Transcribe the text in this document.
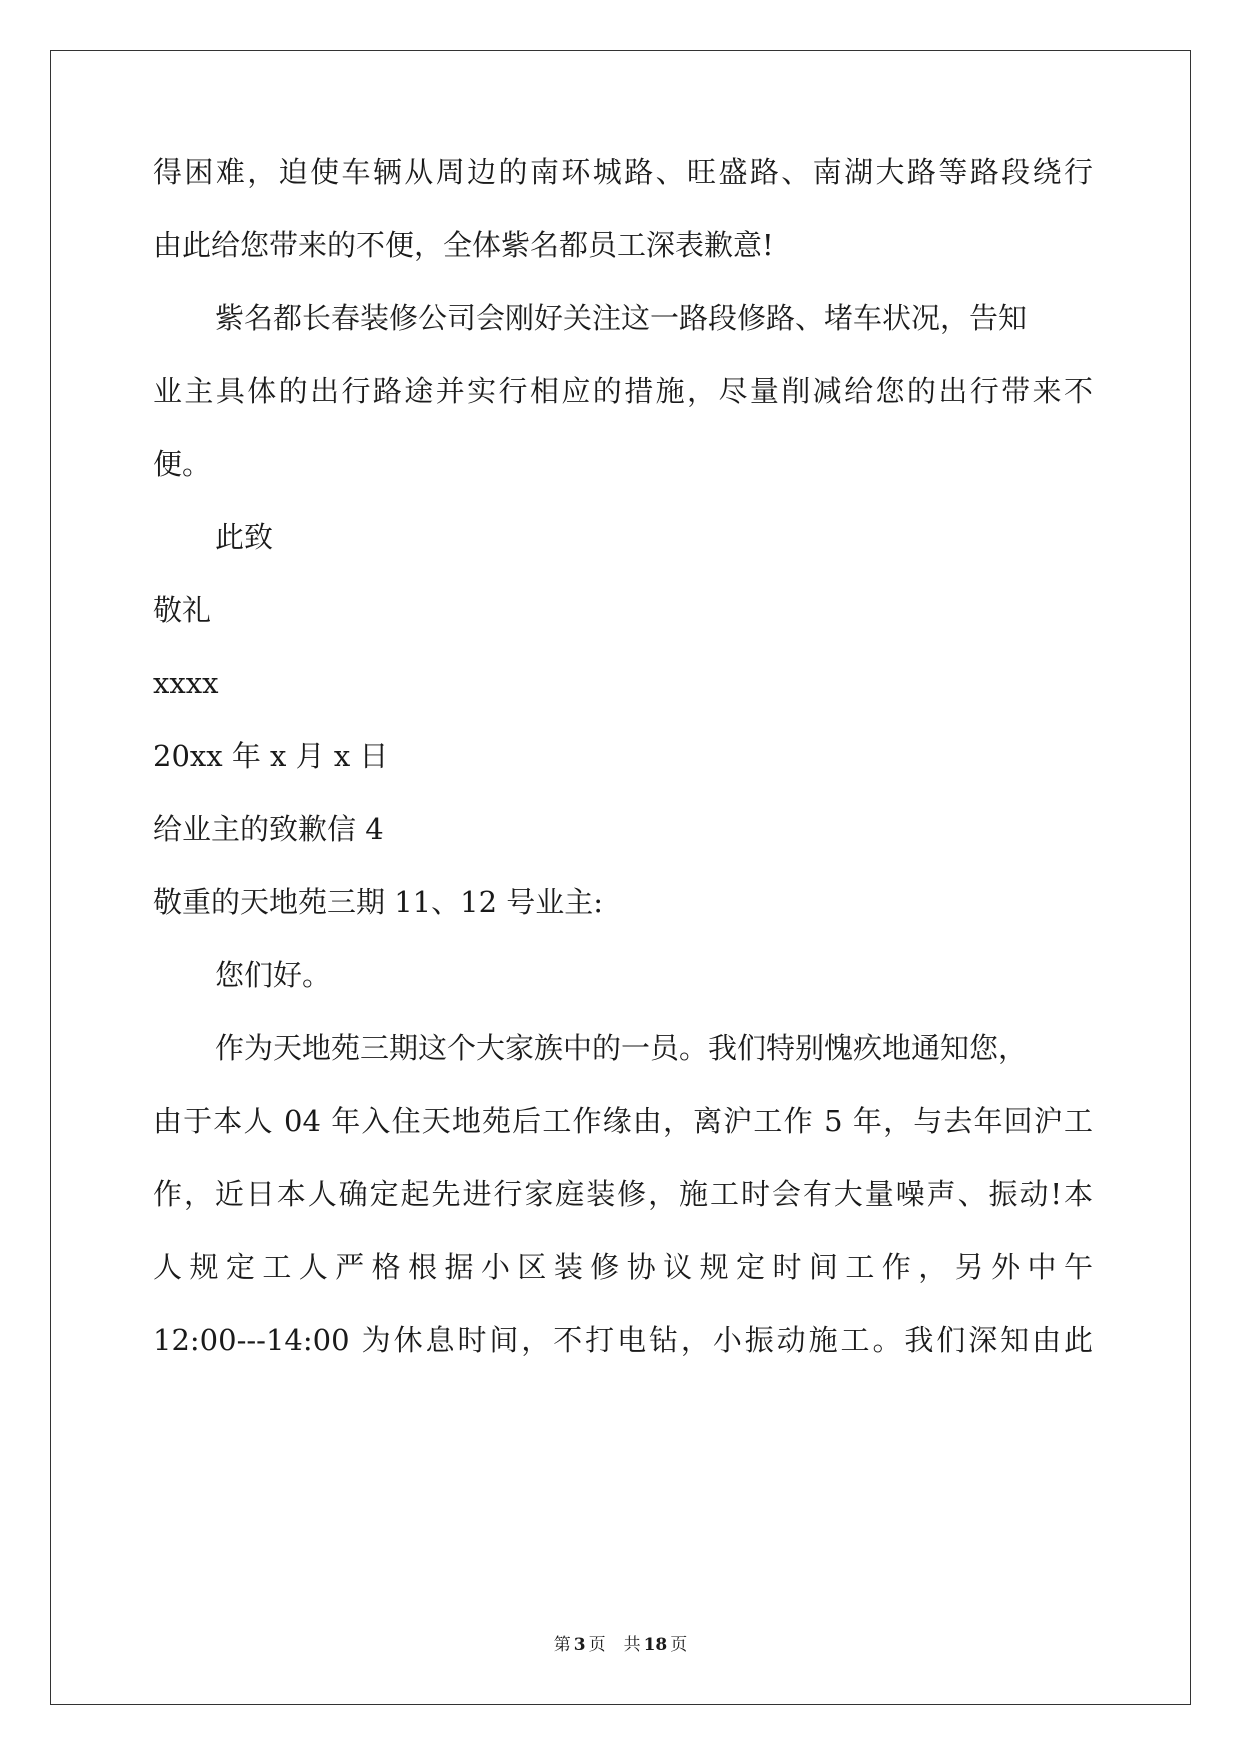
得困难，迫使车辆从周边的南环城路、旺盛路、南湖大路等路段绕行
由此给您带来的不便，全体紫名都员工深表歉意!
紫名都长春装修公司会刚好关注这一路段修路、堵车状况，告知
业主具体的出行路途并实行相应的措施，尽量削减给您的出行带来不
便。
此致
敬礼
xxxx
20xx 年 x 月 x 日
给业主的致歉信 4
敬重的天地苑三期 11、12 号业主:
您们好。
作为天地苑三期这个大家族中的一员。我们特别愧疚地通知您，
由于本人 04 年入住天地苑后工作缘由，离沪工作 5 年，与去年回沪工
作，近日本人确定起先进行家庭装修，施工时会有大量噪声、振动!本
人规定工人严格根据小区装修协议规定时间工作，另外中午
12:00---14:00 为休息时间，不打电钻，小振动施工。我们深知由此
第 3 页 共 18 页
